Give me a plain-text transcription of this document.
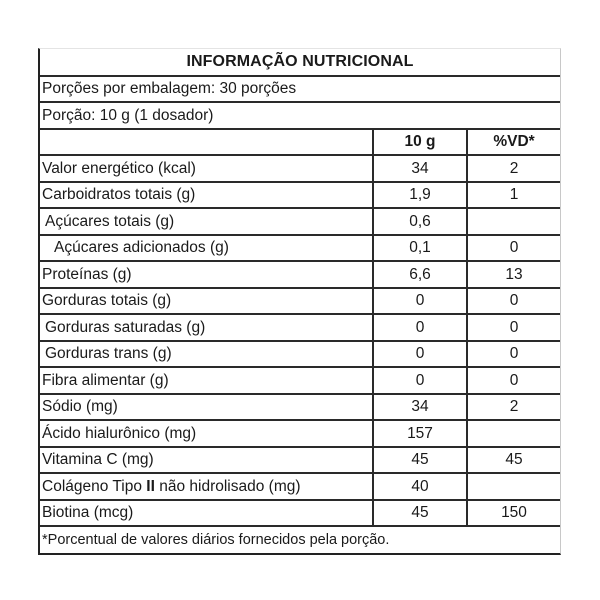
INFORMAÇÃO NUTRICIONAL		
Porções por embalagem: 30 porções		
Porção: 10 g (1 dosador)		
	10 g	%VD*
Valor energético (kcal)	34	2
Carboidratos totais (g)	1,9	1
Açúcares totais (g)	0,6	
Açúcares adicionados (g)	0,1	0
Proteínas (g)	6,6	13
Gorduras totais (g)	0	0
Gorduras saturadas (g)	0	0
Gorduras trans (g)	0	0
Fibra alimentar (g)	0	0
Sódio (mg)	34	2
Ácido hialurônico (mg)	157	
Vitamina C (mg)	45	45
Colágeno Tipo II não hidrolisado (mg)	40	
Biotina (mcg)	45	150
*Porcentual de valores diários fornecidos pela porção.		
